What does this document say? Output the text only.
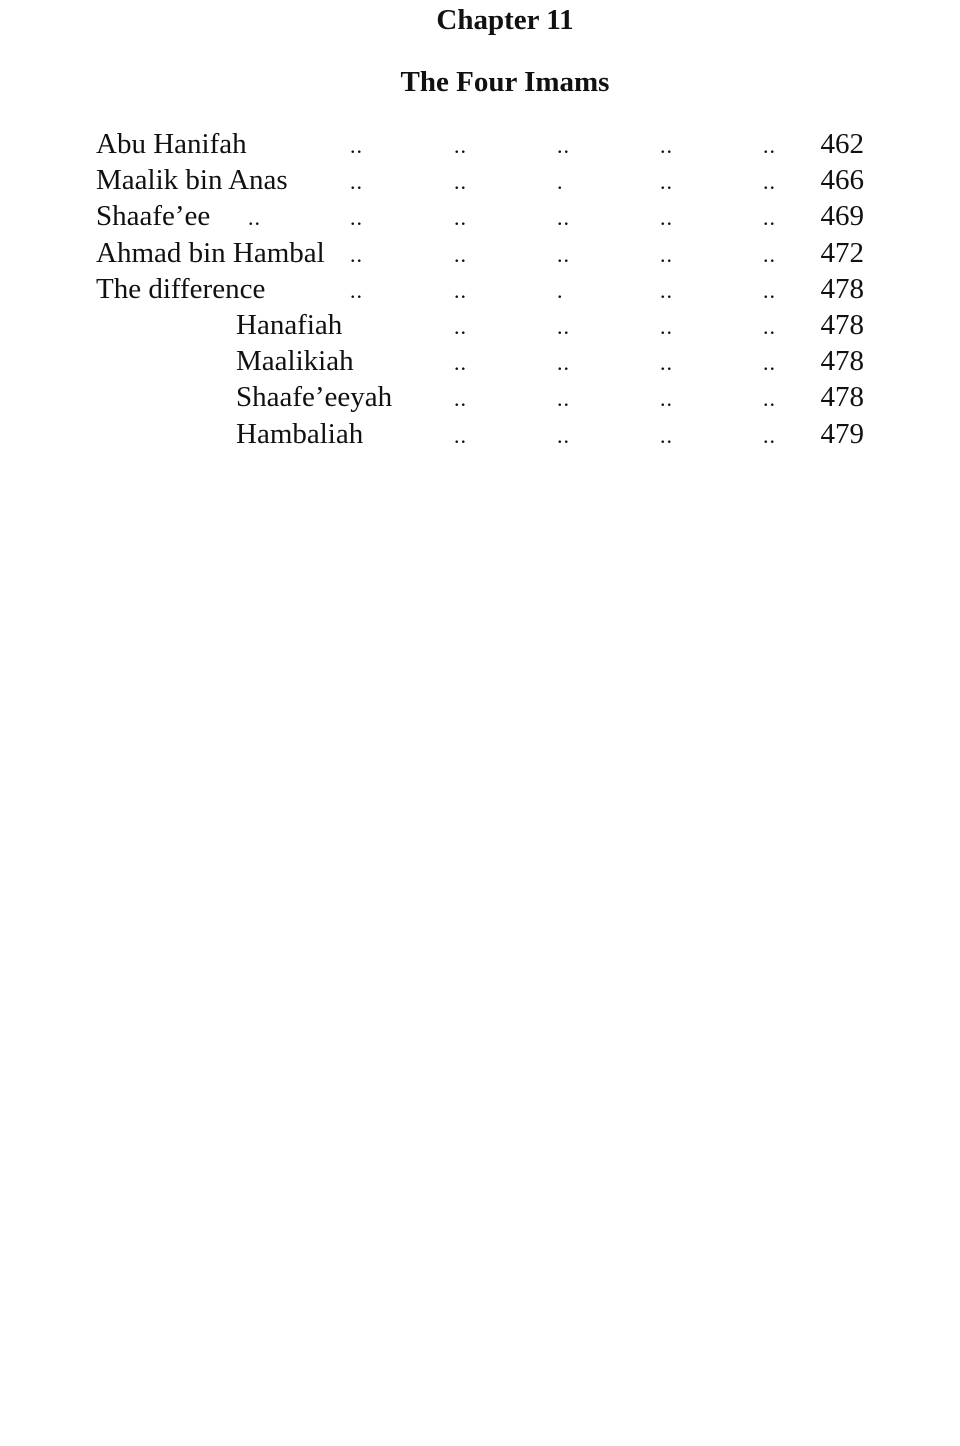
Chapter 11
The Four Imams
Abu Hanifah	..	..	..	..	..	462
Maalik bin Anas	..	..	.	..	..	466
Shaafe’ee ..	..	..	..	..	..	469
Ahmad bin Hambal ..	..	..	..	..	472
The difference	..	..	.	..	..	478
Hanafiah	..	..	..	..	478
Maalikiah	..	..	..	..	478
Shaafe’eeyah	..	..	..	..	478
Hambaliah	..	..	..	..	479
